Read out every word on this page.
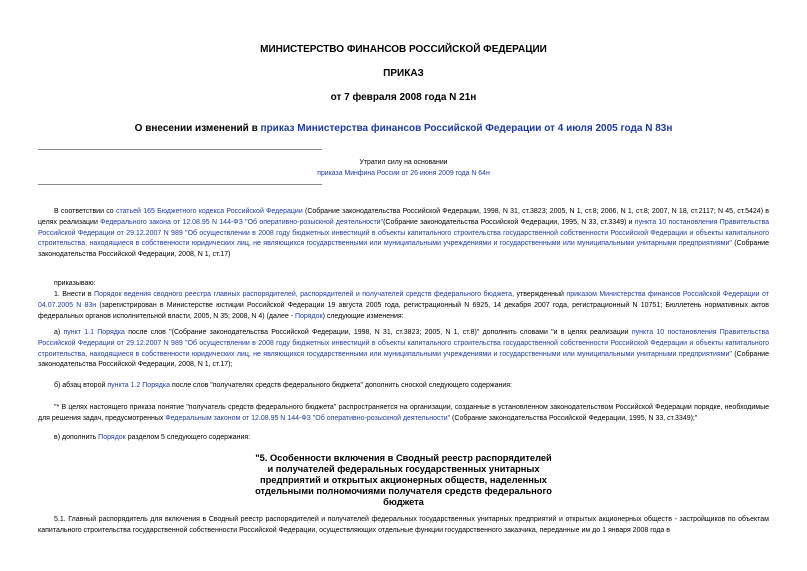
МИНИСТЕРСТВО ФИНАНСОВ РОССИЙСКОЙ ФЕДЕРАЦИИ
ПРИКАЗ
от 7 февраля 2008 года N 21н
О внесении изменений в приказ Министерства финансов Российской Федерации от 4 июля 2005 года N 83н
Утратил силу на основании
приказа Минфина России от 26 июня 2009 года N 64н
В соответствии со статьей 165 Бюджетного кодекса Российской Федерации (Собрание законодательства Российской Федерации, 1998, N 31, ст.3823; 2005, N 1, ст.8; 2006, N 1, ст.8; 2007, N 18, ст.2117; N 45, ст.5424) в целях реализации Федерального закона от 12.08.95 N 144-ФЗ "Об оперативно-розыскной деятельности"(Собрание законодательства Российской Федерации, 1995, N 33, ст.3349) и пункта 10 постановления Правительства Российской Федерации от 29.12.2007 N 989 "Об осуществлении в 2008 году бюджетных инвестиций в объекты капитального строительства государственной собственности Российской Федерации и объекты капитального строительства, находящиеся в собственности юридических лиц, не являющихся государственными или муниципальными учреждениями и государственными или муниципальными унитарными предприятиями" (Собрание законодательства Российской Федерации, 2008, N 1, ст.17)
приказываю:
1. Внести в Порядок ведения сводного реестра главных распорядителей, распорядителей и получателей средств федерального бюджета, утвержденный приказом Министерства финансов Российской Федерации от 04.07.2005 N 83н (зарегистрирован в Министерстве юстиции Российской Федерации 19 августа 2005 года, регистрационный N 6925, 14 декабря 2007 года, регистрационный N 10751; Бюллетень нормативных актов федеральных органов исполнительной власти, 2005, N 35; 2008, N 4) (далее - Порядок) следующие изменения:
а) пункт 1.1 Порядка после слов "(Собрание законодательства Российской Федерации, 1998, N 31, ст.3823; 2005, N 1, ст.8)" дополнить словами "и в целях реализации пункта 10 постановления Правительства Российской Федерации от 29.12.2007 N 989 "Об осуществлении в 2008 году бюджетных инвестиций в объекты капитального строительства государственной собственности Российской Федерации и объекты капитального строительства, находящиеся в собственности юридических лиц, не являющихся государственными или муниципальными учреждениями и государственными или муниципальными унитарными предприятиями" (Собрание законодательства Российской Федерации, 2008, N 1, ст.17);
б) абзац второй пункта 1.2 Порядка после слов "получателях средств федерального бюджета" дополнить сноской следующего содержания:
"* В целях настоящего приказа понятие "получатель средств федерального бюджета" распространяется на организации, созданные в установленном законодательством Российской Федерации порядке, необходимые для решения задач, предусмотренных Федеральным законом от 12.08.95 N 144-ФЗ "Об оперативно-розыскной деятельности" (Собрание законодательства Российской Федерации, 1995, N 33, ст.3349);"
в) дополнить Порядок разделом 5 следующего содержания:
"5. Особенности включения в Сводный реестр распорядителей
и получателей федеральных государственных унитарных
предприятий и открытых акционерных обществ, наделенных
отдельными полномочиями получателя средств федерального
бюджета
5.1. Главный распорядитель для включения в Сводный реестр распорядителей и получателей федеральных государственных унитарных предприятий и открытых акционерных обществ - застройщиков по объектам капитального строительства государственной собственности Российской Федерации, осуществляющих отдельные функции государственного заказчика, переданные им до 1 января 2008 года в
